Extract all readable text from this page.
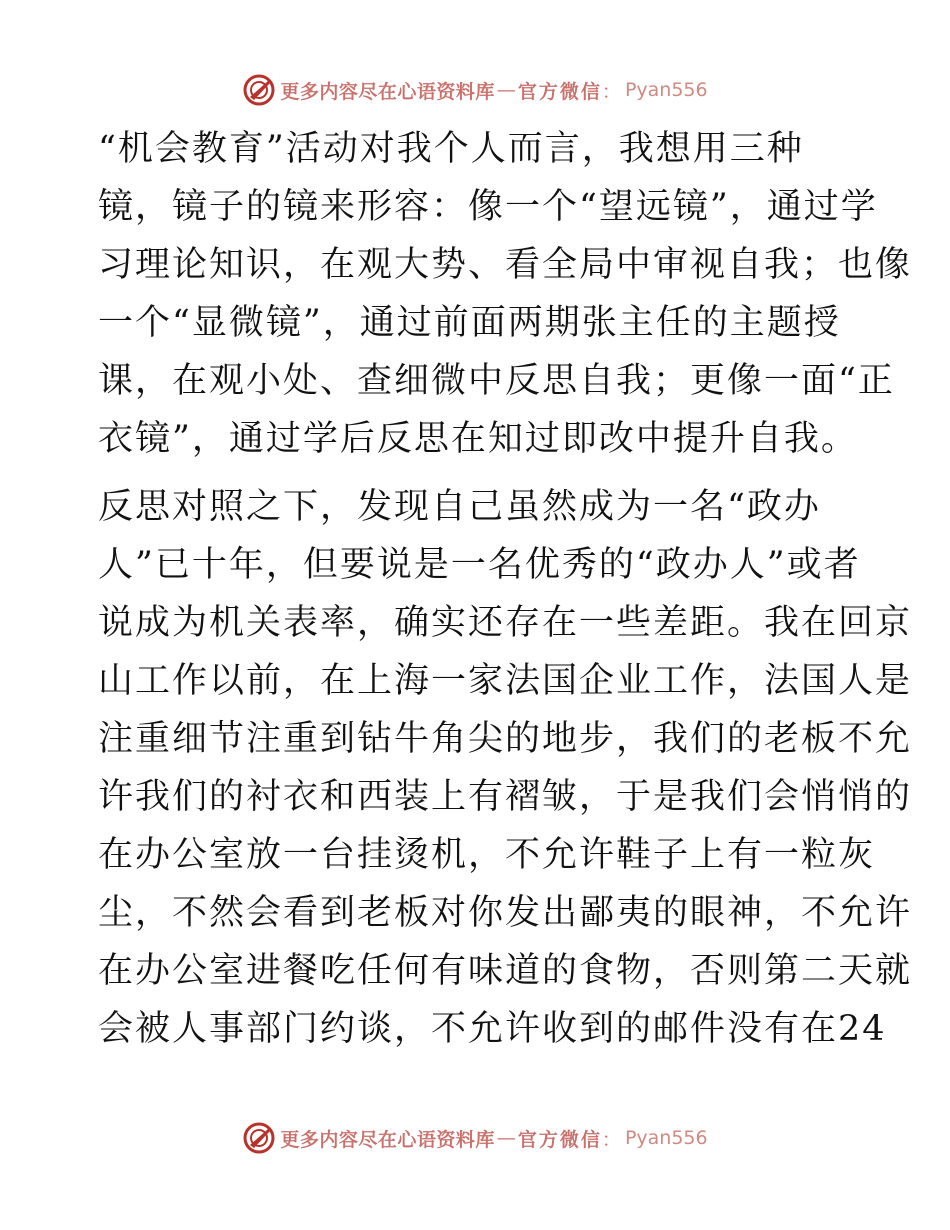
更多内容尽在心语资料库 — 官方微信 ： Pyan556

“机会教育”活动对我个人而言，我想用三种
镜，镜子的镜来形容：像一个“望远镜”，通过学
习理论知识，在观大势、看全局中审视自我；也像
一个“显微镜”，通过前面两期张主任的主题授
课，在观小处、查细微中反思自我；更像一面“正
衣镜”，通过学后反思在知过即改中提升自我。

反思对照之下，发现自己虽然成为一名“政办
人”已十年，但要说是一名优秀的“政办人”或者
说成为机关表率，确实还存在一些差距。我在回京
山工作以前，在上海一家法国企业工作，法国人是
注重细节注重到钻牛角尖的地步，我们的老板不允
许我们的衬衣和西装上有褶皱，于是我们会悄悄的
在办公室放一台挂烫机，不允许鞋子上有一粒灰
尘，不然会看到老板对你发出鄙夷的眼神，不允许
在办公室进餐吃任何有味道的食物，否则第二天就
会被人事部门约谈，不允许收到的邮件没有在24

更多内容尽在心语资料库 — 官方微信 ： Pyan556
